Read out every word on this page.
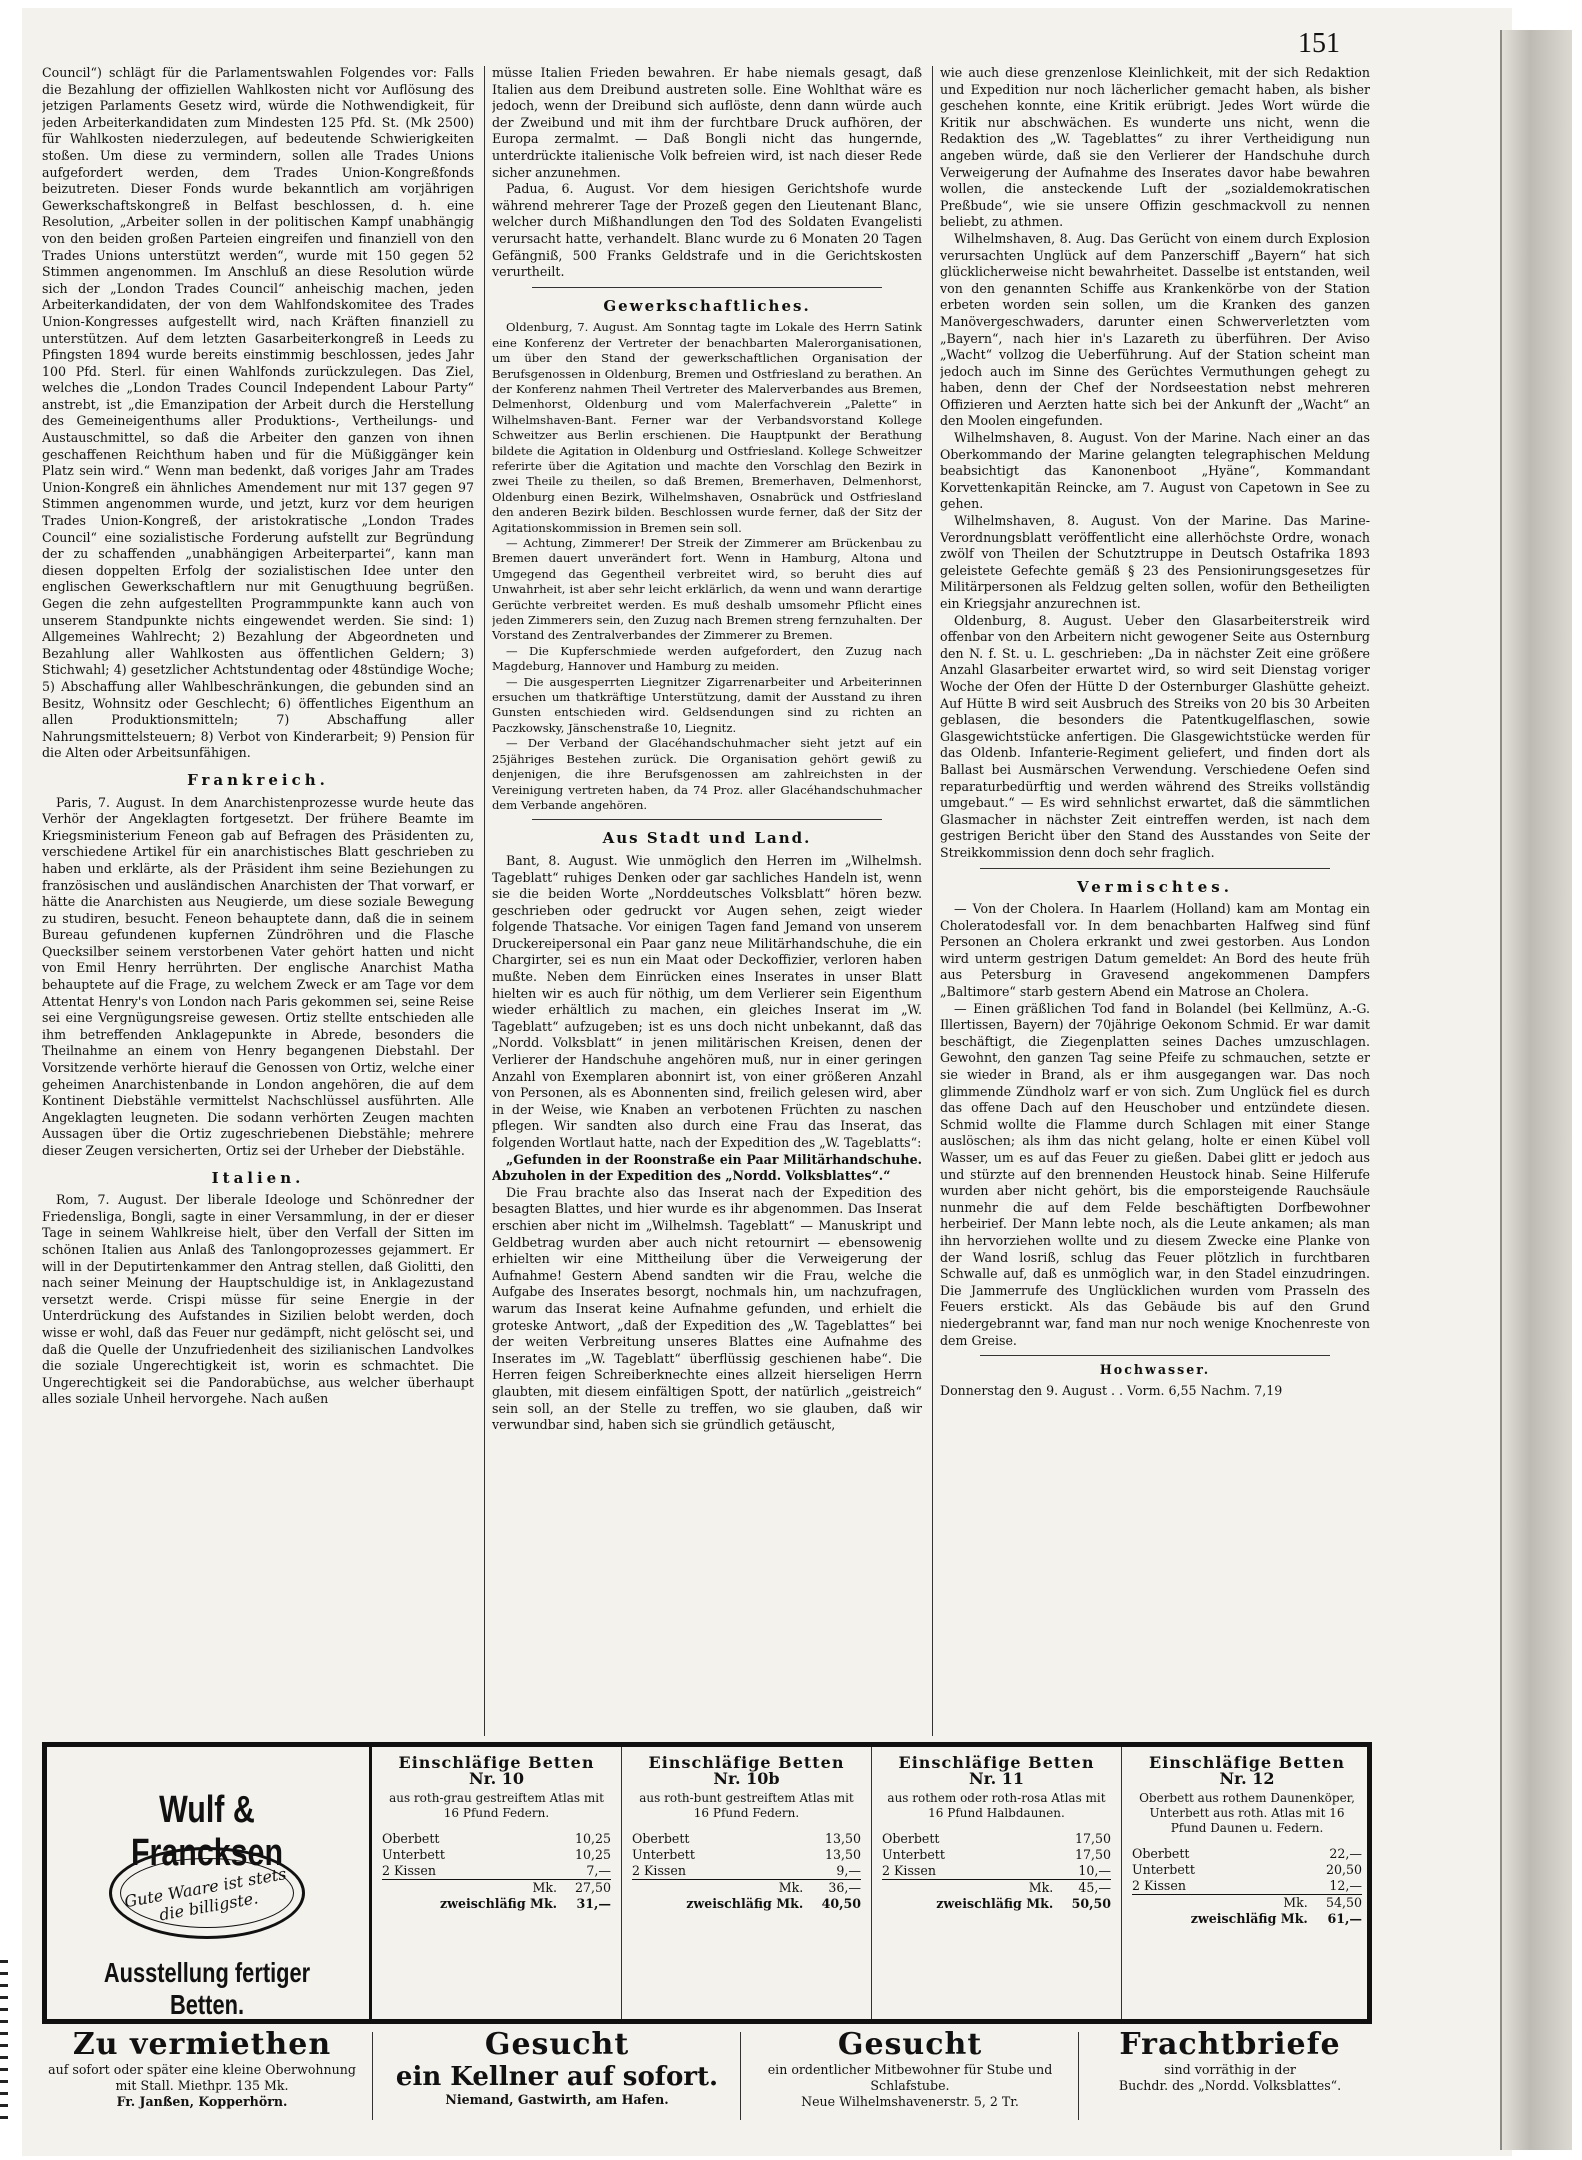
151

Council“) schlägt für die Parlamentswahlen Folgendes vor: Falls die Bezahlung der offiziellen Wahlkosten nicht vor Auflösung des jetzigen Parlaments Gesetz wird, würde die Nothwendigkeit, für jeden Arbeiterkandidaten zum Mindesten 125 Pfd. St. (Mk 2500) für Wahlkosten niederzulegen, auf bedeutende Schwierigkeiten stoßen. Um diese zu vermindern, sollen alle Trades Unions aufgefordert werden, dem Trades Union-Kongreßfonds beizutreten. Dieser Fonds wurde bekanntlich am vorjährigen Gewerkschaftskongreß in Belfast beschlossen, d. h. eine Resolution, „Arbeiter sollen in der politischen Kampf unabhängig von den beiden großen Parteien eingreifen und finanziell von den Trades Unions unterstützt werden“, wurde mit 150 gegen 52 Stimmen angenommen. Im Anschluß an diese Resolution würde sich der „London Trades Council“ anheischig machen, jeden Arbeiterkandidaten, der von dem Wahlfondskomitee des Trades Union-Kongresses aufgestellt wird, nach Kräften finanziell zu unterstützen. Auf dem letzten Gasarbeiterkongreß in Leeds zu Pfingsten 1894 wurde bereits einstimmig beschlossen, jedes Jahr 100 Pfd. Sterl. für einen Wahlfonds zurückzulegen. Das Ziel, welches die „London Trades Council Independent Labour Party“ anstrebt, ist „die Emanzipation der Arbeit durch die Herstellung des Gemeineigenthums aller Produktions-, Vertheilungs- und Austauschmittel, so daß die Arbeiter den ganzen von ihnen geschaffenen Reichthum haben und für die Müßiggänger kein Platz sein wird.“ Wenn man bedenkt, daß voriges Jahr am Trades Union-Kongreß ein ähnliches Amendement nur mit 137 gegen 97 Stimmen angenommen wurde, und jetzt, kurz vor dem heurigen Trades Union-Kongreß, der aristokratische „London Trades Council“ eine sozialistische Forderung aufstellt zur Begründung der zu schaffenden „unabhängigen Arbeiterpartei“, kann man diesen doppelten Erfolg der sozialistischen Idee unter den englischen Gewerkschaftlern nur mit Genugthuung begrüßen. Gegen die zehn aufgestellten Programmpunkte kann auch von unserem Standpunkte nichts eingewendet werden. Sie sind: 1) Allgemeines Wahlrecht; 2) Bezahlung der Abgeordneten und Bezahlung aller Wahlkosten aus öffentlichen Geldern; 3) Stichwahl; 4) gesetzlicher Achtstundentag oder 48stündige Woche; 5) Abschaffung aller Wahlbeschränkungen, die gebunden sind an Besitz, Wohnsitz oder Geschlecht; 6) öffentliches Eigenthum an allen Produktionsmitteln; 7) Abschaffung aller Nahrungsmittelsteuern; 8) Verbot von Kinderarbeit; 9) Pension für die Alten oder Arbeitsunfähigen.

Frankreich.

Paris, 7. August. In dem Anarchistenprozesse wurde heute das Verhör der Angeklagten fortgesetzt. Der frühere Beamte im Kriegsministerium Feneon gab auf Befragen des Präsidenten zu, verschiedene Artikel für ein anarchistisches Blatt geschrieben zu haben und erklärte, als der Präsident ihm seine Beziehungen zu französischen und ausländischen Anarchisten der That vorwarf, er hätte die Anarchisten aus Neugierde, um diese soziale Bewegung zu studiren, besucht. Feneon behauptete dann, daß die in seinem Bureau gefundenen kupfernen Zündröhren und die Flasche Quecksilber seinem verstorbenen Vater gehört hatten und nicht von Emil Henry herrührten. Der englische Anarchist Matha behauptete auf die Frage, zu welchem Zweck er am Tage vor dem Attentat Henry's von London nach Paris gekommen sei, seine Reise sei eine Vergnügungsreise gewesen. Ortiz stellte entschieden alle ihm betreffenden Anklagepunkte in Abrede, besonders die Theilnahme an einem von Henry begangenen Diebstahl. Der Vorsitzende verhörte hierauf die Genossen von Ortiz, welche einer geheimen Anarchistenbande in London angehören, die auf dem Kontinent Diebstähle vermittelst Nachschlüssel ausführten. Alle Angeklagten leugneten. Die sodann verhörten Zeugen machten Aussagen über die Ortiz zugeschriebenen Diebstähle; mehrere dieser Zeugen versicherten, Ortiz sei der Urheber der Diebstähle.

Italien.

Rom, 7. August. Der liberale Ideologe und Schönredner der Friedensliga, Bongli, sagte in einer Versammlung, in der er dieser Tage in seinem Wahlkreise hielt, über den Verfall der Sitten im schönen Italien aus Anlaß des Tanlongoprozesses gejammert. Er will in der Deputirtenkammer den Antrag stellen, daß Giolitti, den nach seiner Meinung der Hauptschuldige ist, in Anklagezustand versetzt werde. Crispi müsse für seine Energie in der Unterdrückung des Aufstandes in Sizilien belobt werden, doch wisse er wohl, daß das Feuer nur gedämpft, nicht gelöscht sei, und daß die Quelle der Unzufriedenheit des sizilianischen Landvolkes die soziale Ungerechtigkeit ist, worin es schmachtet. Die Ungerechtigkeit sei die Pandorabüchse, aus welcher überhaupt alles soziale Unheil hervorgehe. Nach außen

müsse Italien Frieden bewahren. Er habe niemals gesagt, daß Italien aus dem Dreibund austreten solle. Eine Wohlthat wäre es jedoch, wenn der Dreibund sich auflöste, denn dann würde auch der Zweibund und mit ihm der furchtbare Druck aufhören, der Europa zermalmt. — Daß Bongli nicht das hungernde, unterdrückte italienische Volk befreien wird, ist nach dieser Rede sicher anzunehmen.

Padua, 6. August. Vor dem hiesigen Gerichtshofe wurde während mehrerer Tage der Prozeß gegen den Lieutenant Blanc, welcher durch Mißhandlungen den Tod des Soldaten Evangelisti verursacht hatte, verhandelt. Blanc wurde zu 6 Monaten 20 Tagen Gefängniß, 500 Franks Geldstrafe und in die Gerichtskosten verurtheilt.

Gewerkschaftliches.

Oldenburg, 7. August. Am Sonntag tagte im Lokale des Herrn Satink eine Konferenz der Vertreter der benachbarten Malerorganisationen, um über den Stand der gewerkschaftlichen Organisation der Berufsgenossen in Oldenburg, Bremen und Ostfriesland zu berathen. An der Konferenz nahmen Theil Vertreter des Malerverbandes aus Bremen, Delmenhorst, Oldenburg und vom Malerfachverein „Palette“ in Wilhelmshaven-Bant. Ferner war der Verbandsvorstand Kollege Schweitzer aus Berlin erschienen. Die Hauptpunkt der Berathung bildete die Agitation in Oldenburg und Ostfriesland. Kollege Schweitzer referirte über die Agitation und machte den Vorschlag den Bezirk in zwei Theile zu theilen, so daß Bremen, Bremerhaven, Delmenhorst, Oldenburg einen Bezirk, Wilhelmshaven, Osnabrück und Ostfriesland den anderen Bezirk bilden. Beschlossen wurde ferner, daß der Sitz der Agitationskommission in Bremen sein soll.

— Achtung, Zimmerer! Der Streik der Zimmerer am Brückenbau zu Bremen dauert unverändert fort. Wenn in Hamburg, Altona und Umgegend das Gegentheil verbreitet wird, so beruht dies auf Unwahrheit, ist aber sehr leicht erklärlich, da wenn und wann derartige Gerüchte verbreitet werden. Es muß deshalb umsomehr Pflicht eines jeden Zimmerers sein, den Zuzug nach Bremen streng fernzuhalten. Der Vorstand des Zentralverbandes der Zimmerer zu Bremen.

— Die Kupferschmiede werden aufgefordert, den Zuzug nach Magdeburg, Hannover und Hamburg zu meiden.

— Die ausgesperrten Liegnitzer Zigarrenarbeiter und Arbeiterinnen ersuchen um thatkräftige Unterstützung, damit der Ausstand zu ihren Gunsten entschieden wird. Geldsendungen sind zu richten an Paczkowsky, Jänschenstraße 10, Liegnitz.

— Der Verband der Glacéhandschuhmacher sieht jetzt auf ein 25jähriges Bestehen zurück. Die Organisation gehört gewiß zu denjenigen, die ihre Berufsgenossen am zahlreichsten in der Vereinigung vertreten haben, da 74 Proz. aller Glacéhandschuhmacher dem Verbande angehören.

Aus Stadt und Land.

Bant, 8. August. Wie unmöglich den Herren im „Wilhelmsh. Tageblatt“ ruhiges Denken oder gar sachliches Handeln ist, wenn sie die beiden Worte „Norddeutsches Volksblatt“ hören bezw. geschrieben oder gedruckt vor Augen sehen, zeigt wieder folgende Thatsache. Vor einigen Tagen fand Jemand von unserem Druckereipersonal ein Paar ganz neue Militärhandschuhe, die ein Chargirter, sei es nun ein Maat oder Deckoffizier, verloren haben mußte. Neben dem Einrücken eines Inserates in unser Blatt hielten wir es auch für nöthig, um dem Verlierer sein Eigenthum wieder erhältlich zu machen, ein gleiches Inserat im „W. Tageblatt“ aufzugeben; ist es uns doch nicht unbekannt, daß das „Nordd. Volksblatt“ in jenen militärischen Kreisen, denen der Verlierer der Handschuhe angehören muß, nur in einer geringen Anzahl von Exemplaren abonnirt ist, von einer größeren Anzahl von Personen, als es Abonnenten sind, freilich gelesen wird, aber in der Weise, wie Knaben an verbotenen Früchten zu naschen pflegen. Wir sandten also durch eine Frau das Inserat, das folgenden Wortlaut hatte, nach der Expedition des „W. Tageblatts“:

„Gefunden in der Roonstraße ein Paar Militärhandschuhe. Abzuholen in der Expedition des „Nordd. Volksblattes“.“

Die Frau brachte also das Inserat nach der Expedition des besagten Blattes, und hier wurde es ihr abgenommen. Das Inserat erschien aber nicht im „Wilhelmsh. Tageblatt“ — Manuskript und Geldbetrag wurden aber auch nicht retournirt — ebensowenig erhielten wir eine Mittheilung über die Verweigerung der Aufnahme! Gestern Abend sandten wir die Frau, welche die Aufgabe des Inserates besorgt, nochmals hin, um nachzufragen, warum das Inserat keine Aufnahme gefunden, und erhielt die groteske Antwort, „daß der Expedition des „W. Tageblattes“ bei der weiten Verbreitung unseres Blattes eine Aufnahme des Inserates im „W. Tageblatt“ überflüssig geschienen habe“. Die Herren feigen Schreiberknechte eines allzeit hierseligen Herrn glaubten, mit diesem einfältigen Spott, der natürlich „geistreich“ sein soll, an der Stelle zu treffen, wo sie glauben, daß wir verwundbar sind, haben sich sie gründlich getäuscht,

wie auch diese grenzenlose Kleinlichkeit, mit der sich Redaktion und Expedition nur noch lächerlicher gemacht haben, als bisher geschehen konnte, eine Kritik erübrigt. Jedes Wort würde die Kritik nur abschwächen. Es wunderte uns nicht, wenn die Redaktion des „W. Tageblattes“ zu ihrer Vertheidigung nun angeben würde, daß sie den Verlierer der Handschuhe durch Verweigerung der Aufnahme des Inserates davor habe bewahren wollen, die ansteckende Luft der „sozialdemokratischen Preßbude“, wie sie unsere Offizin geschmackvoll zu nennen beliebt, zu athmen.

Wilhelmshaven, 8. Aug. Das Gerücht von einem durch Explosion verursachten Unglück auf dem Panzerschiff „Bayern“ hat sich glücklicherweise nicht bewahrheitet. Dasselbe ist entstanden, weil von den genannten Schiffe aus Krankenkörbe von der Station erbeten worden sein sollen, um die Kranken des ganzen Manövergeschwaders, darunter einen Schwerverletzten vom „Bayern“, nach hier in's Lazareth zu überführen. Der Aviso „Wacht“ vollzog die Ueberführung. Auf der Station scheint man jedoch auch im Sinne des Gerüchtes Vermuthungen gehegt zu haben, denn der Chef der Nordseestation nebst mehreren Offizieren und Aerzten hatte sich bei der Ankunft der „Wacht“ an den Moolen eingefunden.

Wilhelmshaven, 8. August. Von der Marine. Nach einer an das Oberkommando der Marine gelangten telegraphischen Meldung beabsichtigt das Kanonenboot „Hyäne“, Kommandant Korvettenkapitän Reincke, am 7. August von Capetown in See zu gehen.

Wilhelmshaven, 8. August. Von der Marine. Das Marine-Verordnungsblatt veröffentlicht eine allerhöchste Ordre, wonach zwölf von Theilen der Schutztruppe in Deutsch Ostafrika 1893 geleistete Gefechte gemäß § 23 des Pensionirungsgesetzes für Militärpersonen als Feldzug gelten sollen, wofür den Betheiligten ein Kriegsjahr anzurechnen ist.

Oldenburg, 8. August. Ueber den Glasarbeiterstreik wird offenbar von den Arbeitern nicht gewogener Seite aus Osternburg den N. f. St. u. L. geschrieben: „Da in nächster Zeit eine größere Anzahl Glasarbeiter erwartet wird, so wird seit Dienstag voriger Woche der Ofen der Hütte D der Osternburger Glashütte geheizt. Auf Hütte B wird seit Ausbruch des Streiks von 20 bis 30 Arbeiten geblasen, die besonders die Patentkugelflaschen, sowie Glasgewichtstücke anfertigen. Die Glasgewichtstücke werden für das Oldenb. Infanterie-Regiment geliefert, und finden dort als Ballast bei Ausmärschen Verwendung. Verschiedene Oefen sind reparaturbedürftig und werden während des Streiks vollständig umgebaut.“ — Es wird sehnlichst erwartet, daß die sämmtlichen Glasmacher in nächster Zeit eintreffen werden, ist nach dem gestrigen Bericht über den Stand des Ausstandes von Seite der Streikkommission denn doch sehr fraglich.

Vermischtes.

— Von der Cholera. In Haarlem (Holland) kam am Montag ein Choleratodesfall vor. In dem benachbarten Halfweg sind fünf Personen an Cholera erkrankt und zwei gestorben. Aus London wird unterm gestrigen Datum gemeldet: An Bord des heute früh aus Petersburg in Gravesend angekommenen Dampfers „Baltimore“ starb gestern Abend ein Matrose an Cholera.

— Einen gräßlichen Tod fand in Bolandel (bei Kellmünz, A.-G. Illertissen, Bayern) der 70jährige Oekonom Schmid. Er war damit beschäftigt, die Ziegenplatten seines Daches umzuschlagen. Gewohnt, den ganzen Tag seine Pfeife zu schmauchen, setzte er sie wieder in Brand, als er ihm ausgegangen war. Das noch glimmende Zündholz warf er von sich. Zum Unglück fiel es durch das offene Dach auf den Heuschober und entzündete diesen. Schmid wollte die Flamme durch Schlagen mit einer Stange auslöschen; als ihm das nicht gelang, holte er einen Kübel voll Wasser, um es auf das Feuer zu gießen. Dabei glitt er jedoch aus und stürzte auf den brennenden Heustock hinab. Seine Hilferufe wurden aber nicht gehört, bis die emporsteigende Rauchsäule nunmehr die auf dem Felde beschäftigten Dorfbewohner herbeirief. Der Mann lebte noch, als die Leute ankamen; als man ihn hervorziehen wollte und zu diesem Zwecke eine Planke von der Wand losriß, schlug das Feuer plötzlich in furchtbaren Schwalle auf, daß es unmöglich war, in den Stadel einzudringen. Die Jammerrufe des Unglücklichen wurden vom Prasseln des Feuers erstickt. Als das Gebäude bis auf den Grund niedergebrannt war, fand man nur noch wenige Knochenreste von dem Greise.

Hochwasser.
Donnerstag den 9. August . . Vorm. 6,55 Nachm. 7,19
Wulf & Francksen
Gute Waare ist stets die billigste.
Ausstellung fertiger Betten.
Einschläfige Betten
Nr. 10
aus roth-grau gestreiftem Atlas mit 16 Pfund Federn.
Oberbett	10,25
Unterbett	10,25
2 Kissen	7,—
Mk.	27,50
zweischläfig Mk.	31,—
Einschläfige Betten
Nr. 10b
aus roth-bunt gestreiftem Atlas mit 16 Pfund Federn.
Oberbett	13,50
Unterbett	13,50
2 Kissen	9,—
Mk.	36,—
zweischläfig Mk.	40,50
Einschläfige Betten
Nr. 11
aus rothem oder roth-rosa Atlas mit 16 Pfund Halbdaunen.
Oberbett	17,50
Unterbett	17,50
2 Kissen	10,—
Mk.	45,—
zweischläfig Mk.	50,50
Einschläfige Betten
Nr. 12
Oberbett aus rothem Daunenköper, Unterbett aus roth. Atlas mit 16 Pfund Daunen u. Federn.
Oberbett	22,—
Unterbett	20,50
2 Kissen	12,—
Mk.	54,50
zweischläfig Mk.	61,—
Zu vermiethen
auf sofort oder später eine kleine Oberwohnung mit Stall. Miethpr. 135 Mk.
Fr. Janßen, Kopperhörn.
Gesucht
ein Kellner auf sofort.
Niemand, Gastwirth, am Hafen.
Gesucht
ein ordentlicher Mitbewohner für Stube und Schlafstube.
Neue Wilhelmshavenerstr. 5, 2 Tr.
Frachtbriefe
sind vorräthig in der
Buchdr. des „Nordd. Volksblattes“.
